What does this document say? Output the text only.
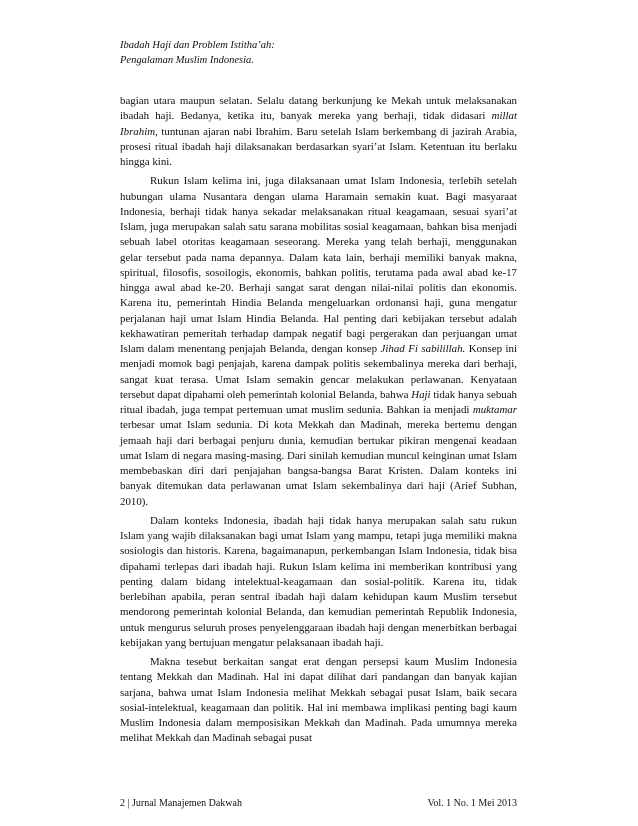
Ibadah Haji dan Problem Istitha’ah:
Pengalaman Muslim Indonesia.

bagian utara maupun selatan. Selalu datang berkunjung ke Mekah untuk melaksanakan ibadah haji. Bedanya, ketika itu, banyak mereka yang berhaji, tidak didasari millat Ibrahim, tuntunan ajaran nabi Ibrahim. Baru setelah Islam berkembang di jazirah Arabia, prosesi ritual ibadah haji dilaksanakan berdasarkan syari’at Islam. Ketentuan itu berlaku hingga kini.

Rukun Islam kelima ini, juga dilaksanaan umat Islam Indonesia, terlebih setelah hubungan ulama Nusantara dengan ulama Haramain semakin kuat. Bagi masyaraat Indonesia, berhaji tidak hanya sekadar melaksanakan ritual keagamaan, sesuai syari’at Islam, juga merupakan salah satu sarana mobilitas sosial keagamaan, bahkan bisa menjadi sebuah label otoritas keagamaan seseorang. Mereka yang telah berhaji, menggunakan gelar tersebut pada nama depannya. Dalam kata lain, berhaji memiliki banyak makna, spiritual, filosofis, sosoilogis, ekonomis, bahkan politis, terutama pada awal abad ke-17 hingga awal abad ke-20. Berhaji sangat sarat dengan nilai-nilai politis dan ekonomis. Karena itu, pemerintah Hindia Belanda mengeluarkan ordonansi haji, guna mengatur perjalanan haji umat Islam Hindia Belanda. Hal penting dari kebijakan tersebut adalah kekhawatiran pemeritah terhadap dampak negatif bagi pergerakan dan perjuangan umat Islam dalam menentang penjajah Belanda, dengan konsep Jihad Fi sabilillah. Konsep ini menjadi momok bagi penjajah, karena dampak politis sekembalinya mereka dari berhaji, sangat kuat terasa. Umat Islam semakin gencar melakukan perlawanan. Kenyataan tersebut dapat dipahami oleh pemerintah kolonial Belanda, bahwa Haji tidak hanya sebuah ritual ibadah, juga tempat pertemuan umat muslim sedunia. Bahkan ia menjadi muktamar terbesar umat Islam sedunia. Di kota Mekkah dan Madinah, mereka bertemu dengan jemaah haji dari berbagai penjuru dunia, kemudian bertukar pikiran mengenai keadaan umat Islam di negara masing-masing. Dari sinilah kemudian muncul keinginan umat Islam membebaskan diri dari penjajahan bangsa-bangsa Barat Kristen. Dalam konteks ini banyak ditemukan data perlawanan umat Islam sekembalinya dari haji (Arief Subhan, 2010).

Dalam konteks Indonesia, ibadah haji tidak hanya merupakan salah satu rukun Islam yang wajib dilaksanakan bagi umat Islam yang mampu, tetapi juga memiliki makna sosiologis dan historis. Karena, bagaimanapun, perkembangan Islam Indonesia, tidak bisa dipahami terlepas dari ibadah haji. Rukun Islam kelima ini memberikan kontribusi yang penting dalam bidang intelektual-keagamaan dan sosial-politik. Karena itu, tidak berlebihan apabila, peran sentral ibadah haji dalam kehidupan kaum Muslim tersebut mendorong pemerintah kolonial Belanda, dan kemudian pemerintah Republik Indonesia, untuk mengurus seluruh proses penyelenggaraan ibadah haji dengan menerbitkan berbagai kebijakan yang bertujuan mengatur pelaksanaan ibadah haji.

Makna tesebut berkaitan sangat erat dengan persepsi kaum Muslim Indonesia tentang Mekkah dan Madinah. Hal ini dapat dilihat dari pandangan dan banyak kajian sarjana, bahwa umat Islam Indonesia melihat Mekkah sebagai pusat Islam, baik secara sosial-intelektual, keagamaan dan politik. Hal ini membawa implikasi penting bagi kaum Muslim Indonesia dalam memposisikan Mekkah dan Madinah. Pada umumnya mereka melihat Mekkah dan Madinah sebagai pusat

2 | Jurnal Manajemen Dakwah	Vol. 1 No. 1 Mei 2013
